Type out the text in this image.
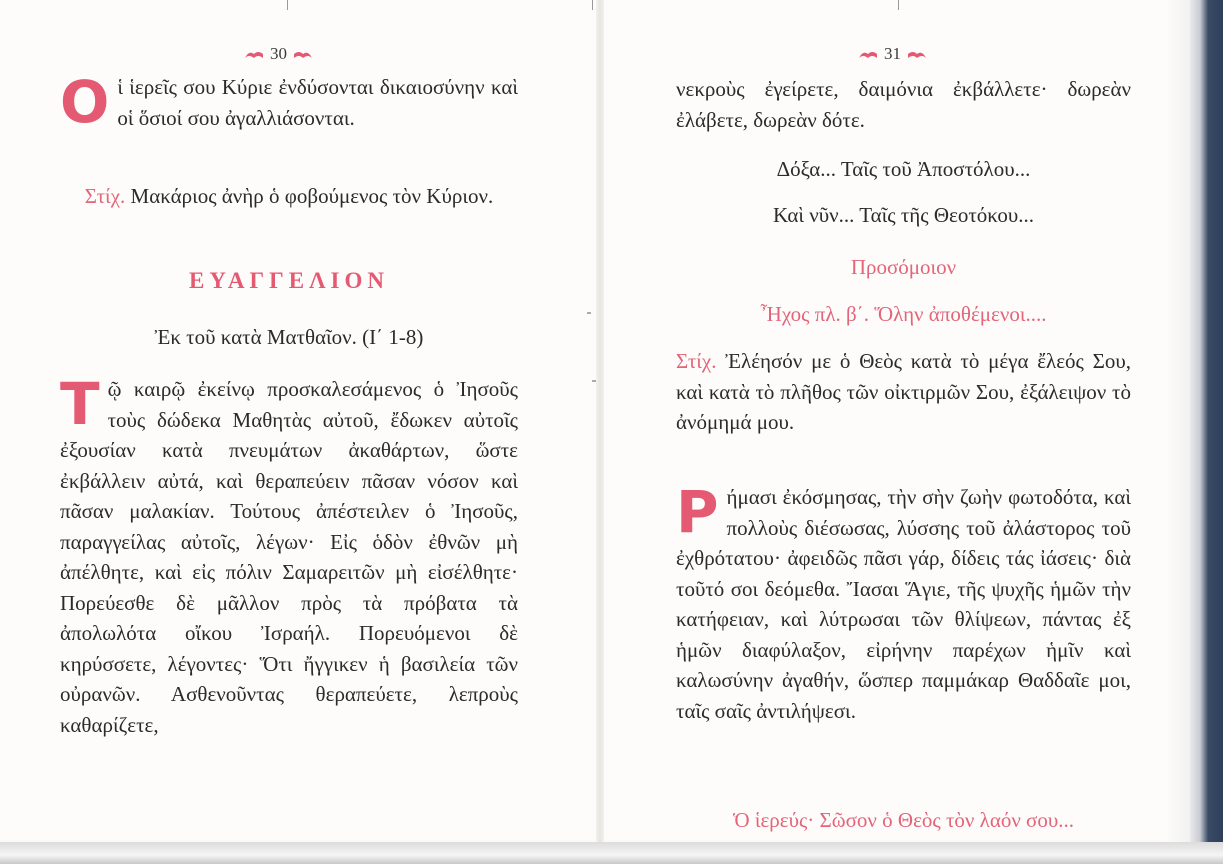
30
Οἱ ἱερεῖς σου Κύριε ἐνδύσονται δικαιοσύνην καὶ οἱ ὅσιοί σου ἀγαλλιάσονται.
Στίχ. Μακάριος ἀνὴρ ὁ φοβούμενος τὸν Κύριον.
ΕΥΑΓΓΕΛΙΟΝ
Ἐκ τοῦ κατὰ Ματθαῖον. (Ι΄ 1-8)
Τῷ καιρῷ ἐκείνῳ προσκαλεσάμενος ὁ Ἰησοῦς τοὺς δώδεκα Μαθητὰς αὐτοῦ, ἔδωκεν αὐτοῖς ἐξουσίαν κατὰ πνευμάτων ἀκαθάρτων, ὥστε ἐκβάλλειν αὐτά, καὶ θεραπεύειν πᾶσαν νόσον καὶ πᾶσαν μαλακίαν. Τούτους ἀπέστειλεν ὁ Ἰησοῦς, παραγγείλας αὐτοῖς, λέγων· Εἰς ὁδὸν ἐθνῶν μὴ ἀπέλθητε, καὶ εἰς πόλιν Σαμαρειτῶν μὴ εἰσέλθητε· Πορεύεσθε δὲ μᾶλλον πρὸς τὰ πρόβατα τὰ ἀπολωλότα οἴκου Ἰσραήλ. Πορευόμενοι δὲ κηρύσσετε, λέγοντες· Ὅτι ἤγγικεν ἡ βασιλεία τῶν οὐρανῶν. Ασθενοῦντας θεραπεύετε, λεπροὺς καθαρίζετε,
31
νεκροὺς ἐγείρετε, δαιμόνια ἐκβάλλετε· δωρεὰν ἐλάβετε, δωρεὰν δότε.
Δόξα... Ταῖς τοῦ Ἀποστόλου...
Καὶ νῦν... Ταῖς τῆς Θεοτόκου...
Προσόμοιον
Ἦχος πλ. β΄. Ὅλην ἀποθέμενοι....
Στίχ. Ἐλέησόν με ὁ Θεὸς κατὰ τὸ μέγα ἔλεός Σου, καὶ κατὰ τὸ πλῆθος τῶν οἰκτιρμῶν Σου, ἐξάλειψον τὸ ἀνόμημά μου.
Ρήμασι ἐκόσμησας, τὴν σὴν ζωὴν φωτοδότα, καὶ πολλοὺς διέσωσας, λύσσης τοῦ ἀλάστορος τοῦ ἐχθρότατου· ἀφειδῶς πᾶσι γάρ, δίδεις τάς ἰάσεις· διὰ τοῦτό σοι δεόμεθα. Ἴασαι Ἅγιε, τῆς ψυχῆς ἡμῶν τὴν κατήφειαν, καὶ λύτρωσαι τῶν θλίψεων, πάντας ἐξ ἡμῶν διαφύλαξον, εἰρήνην παρέχων ἡμῖν καὶ καλωσύνην ἀγαθήν, ὥσπερ παμμάκαρ Θαδδαῖε μοι, ταῖς σαῖς ἀντιλήψεσι.
Ὁ ἱερεύς· Σῶσον ὁ Θεὸς τὸν λαόν σου...
